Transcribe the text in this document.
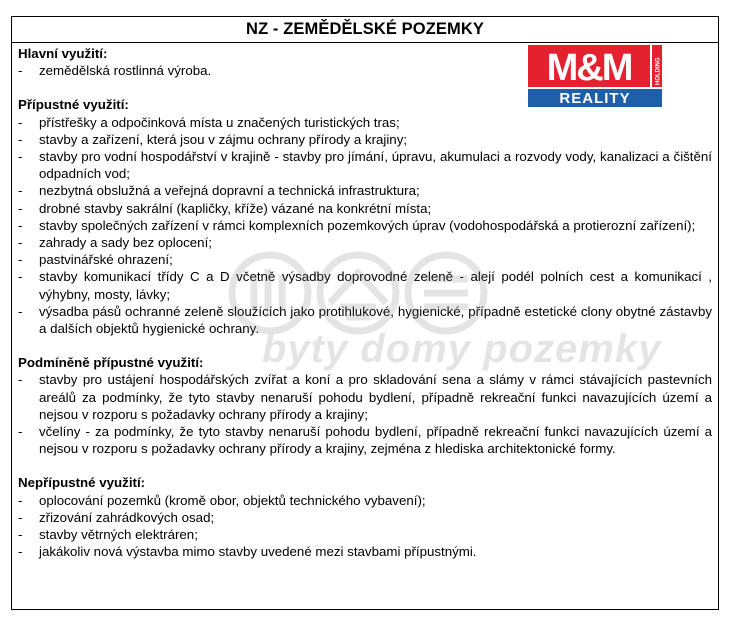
NZ - ZEMĚDĚLSKÉ POZEMKY

Hlavní využití:

- zemědělská rostlinná výroba.

Přípustné využití:

- přístřešky a odpočinková místa u značených turistických tras;
- stavby a zařízení, která jsou v zájmu ochrany přírody a krajiny;
- stavby pro vodní hospodářství v krajině - stavby pro jímání, úpravu, akumulaci a rozvody vody, kanalizaci a čištění odpadních vod;
- nezbytná obslužná a veřejná dopravní a technická infrastruktura;
- drobné stavby sakrální (kapličky, kříže) vázané na konkrétní místa;
- stavby společných zařízení v rámci komplexních pozemkových úprav (vodohospodářská a protierozní zařízení);
- zahrady a sady bez oplocení;
- pastvinářské ohrazení;
- stavby komunikací třídy C a D včetně výsadby doprovodné zeleně - alejí podél polních cest a komunikací , výhybny, mosty, lávky;
- výsadba pásů ochranné zeleně sloužících jako protihlukové, hygienické, případně estetické clony obytné zástavby a dalších objektů hygienické ochrany.

Podmíněně přípustné využití:

- stavby pro ustájení hospodářských zvířat a koní a pro skladování sena a slámy v rámci stávajících pastevních areálů za podmínky, že tyto stavby nenaruší pohodu bydlení, případně rekreační funkci navazujících území a nejsou v rozporu s požadavky ochrany přírody a krajiny;
- včelíny - za podmínky, že tyto stavby nenaruší pohodu bydlení, případně rekreační funkci navazujících území a nejsou v rozporu s požadavky ochrany přírody a krajiny, zejména z hlediska architektonické formy.

Nepřípustné využití:

- oplocování pozemků (kromě obor, objektů technického vybavení);
- zřizování zahrádkových osad;
- stavby větrných elektráren;
- jakákoliv nová výstavba mimo stavby uvedené mezi stavbami přípustnými.
M&M	HOLDING
REALITY
byty domy pozemky
